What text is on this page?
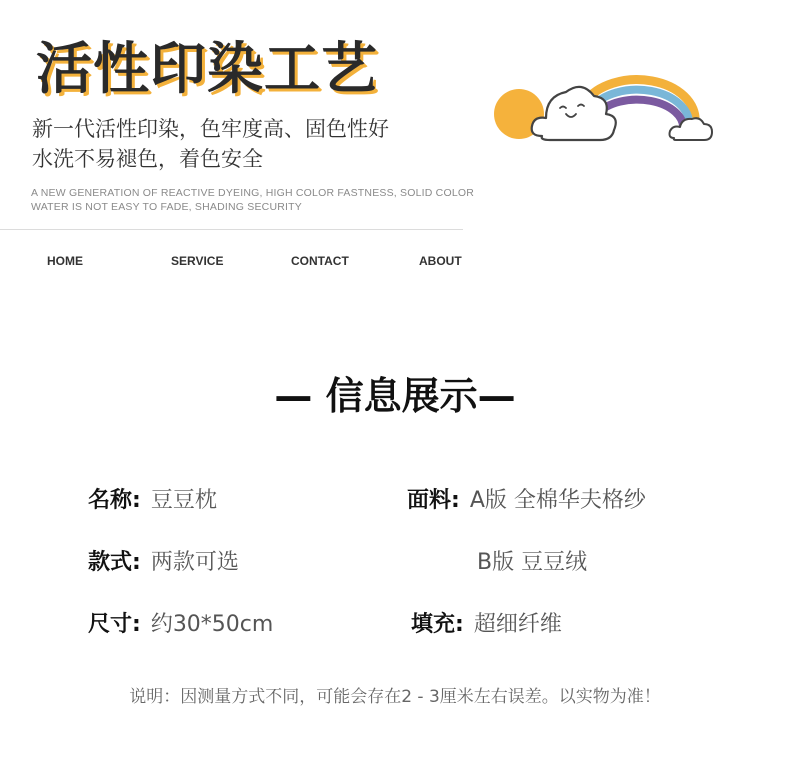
活性印染工艺
新一代活性印染，色牢度高、固色性好
水洗不易褪色，着色安全
A NEW GENERATION OF REACTIVE DYEING, HIGH COLOR FASTNESS, SOLID COLOR
WATER IS NOT EASY TO FADE, SHADING SECURITY
HOME	SERVICE	CONTACT	ABOUT
— 信息展示—
名称: 豆豆枕	面料: A版 全棉华夫格纱
款式: 两款可选	B版 豆豆绒
尺寸: 约30*50cm	填充: 超细纤维
说明：因测量方式不同，可能会存在2 - 3厘米左右误差。以实物为准！
